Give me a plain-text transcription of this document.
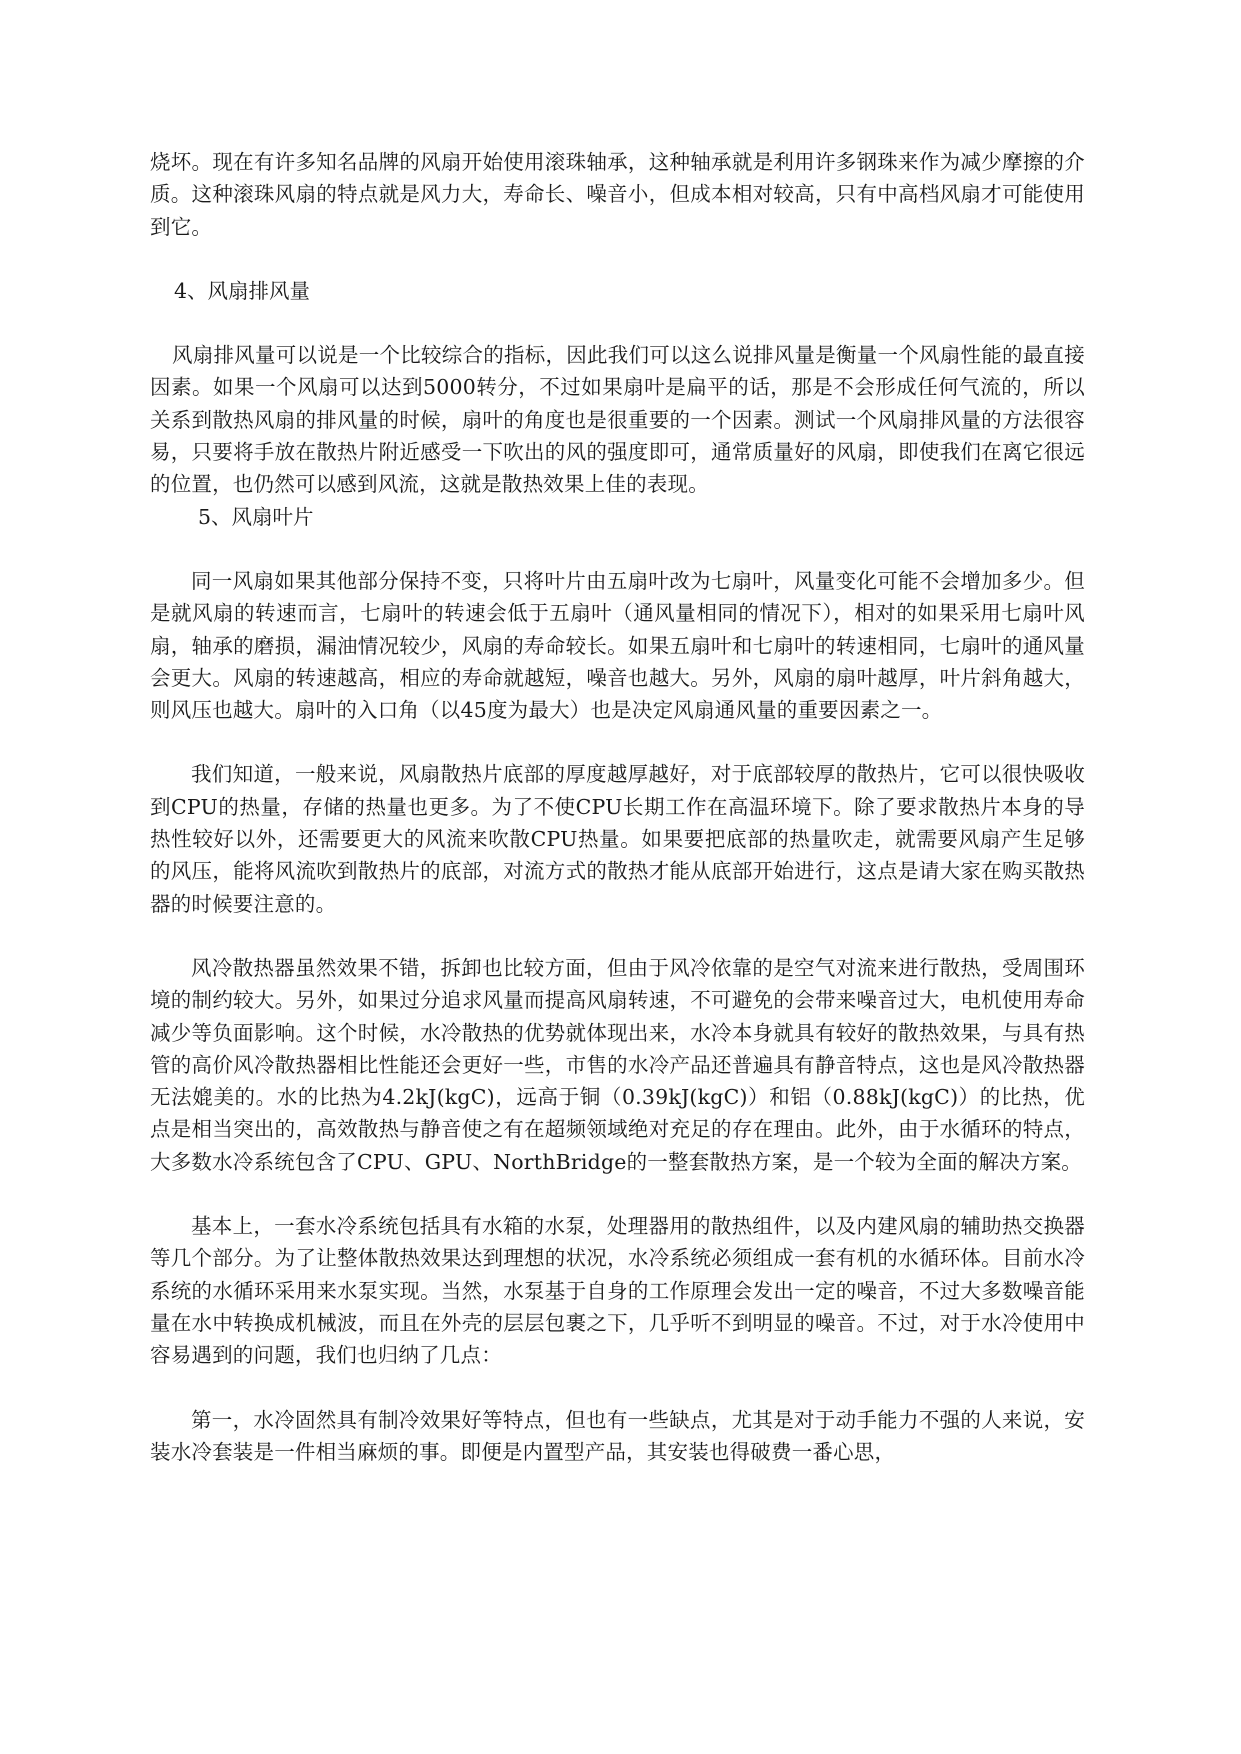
烧坏。现在有许多知名品牌的风扇开始使用滚珠轴承，这种轴承就是利用许多钢珠来作为减少摩擦的介质。这种滚珠风扇的特点就是风力大，寿命长、噪音小，但成本相对较高，只有中高档风扇才可能使用到它。

4、风扇排风量

风扇排风量可以说是一个比较综合的指标，因此我们可以这么说排风量是衡量一个风扇性能的最直接因素。如果一个风扇可以达到5000转分，不过如果扇叶是扁平的话，那是不会形成任何气流的，所以关系到散热风扇的排风量的时候，扇叶的角度也是很重要的一个因素。测试一个风扇排风量的方法很容易，只要将手放在散热片附近感受一下吹出的风的强度即可，通常质量好的风扇，即使我们在离它很远的位置，也仍然可以感到风流，这就是散热效果上佳的表现。

5、风扇叶片

同一风扇如果其他部分保持不变，只将叶片由五扇叶改为七扇叶，风量变化可能不会增加多少。但是就风扇的转速而言，七扇叶的转速会低于五扇叶（通风量相同的情况下），相对的如果采用七扇叶风扇，轴承的磨损，漏油情况较少，风扇的寿命较长。如果五扇叶和七扇叶的转速相同，七扇叶的通风量会更大。风扇的转速越高，相应的寿命就越短，噪音也越大。另外，风扇的扇叶越厚，叶片斜角越大，则风压也越大。扇叶的入口角（以45度为最大）也是决定风扇通风量的重要因素之一。

我们知道，一般来说，风扇散热片底部的厚度越厚越好，对于底部较厚的散热片，它可以很快吸收到CPU的热量，存储的热量也更多。为了不使CPU长期工作在高温环境下。除了要求散热片本身的导热性较好以外，还需要更大的风流来吹散CPU热量。如果要把底部的热量吹走，就需要风扇产生足够的风压，能将风流吹到散热片的底部，对流方式的散热才能从底部开始进行，这点是请大家在购买散热器的时候要注意的。

风冷散热器虽然效果不错，拆卸也比较方面，但由于风冷依靠的是空气对流来进行散热，受周围环境的制约较大。另外，如果过分追求风量而提高风扇转速，不可避免的会带来噪音过大，电机使用寿命减少等负面影响。这个时候，水冷散热的优势就体现出来，水冷本身就具有较好的散热效果，与具有热管的高价风冷散热器相比性能还会更好一些，市售的水冷产品还普遍具有静音特点，这也是风冷散热器无法媲美的。水的比热为4.2kJ(kgC)，远高于铜（0.39kJ(kgC)）和铝（0.88kJ(kgC)）的比热，优点是相当突出的，高效散热与静音使之有在超频领域绝对充足的存在理由。此外，由于水循环的特点，大多数水冷系统包含了CPU、GPU、NorthBridge的一整套散热方案，是一个较为全面的解决方案。

基本上，一套水冷系统包括具有水箱的水泵，处理器用的散热组件，以及内建风扇的辅助热交换器等几个部分。为了让整体散热效果达到理想的状况，水冷系统必须组成一套有机的水循环体。目前水冷系统的水循环采用来水泵实现。当然，水泵基于自身的工作原理会发出一定的噪音，不过大多数噪音能量在水中转换成机械波，而且在外壳的层层包裹之下，几乎听不到明显的噪音。不过，对于水冷使用中容易遇到的问题，我们也归纳了几点：

第一，水冷固然具有制冷效果好等特点，但也有一些缺点，尤其是对于动手能力不强的人来说，安装水冷套装是一件相当麻烦的事。即便是内置型产品，其安装也得破费一番心思，
